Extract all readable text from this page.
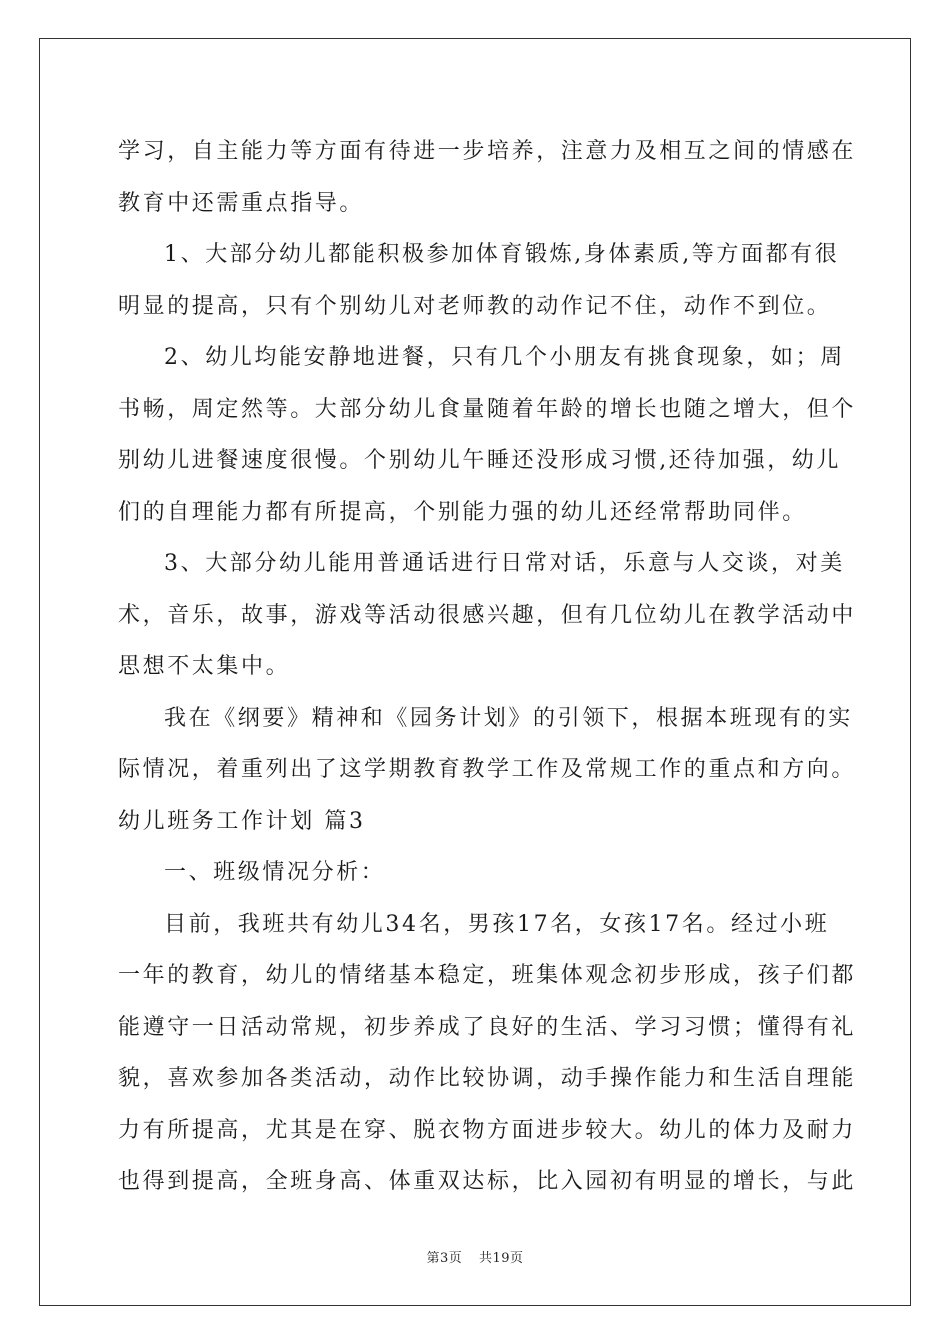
学习，自主能力等方面有待进一步培养，注意力及相互之间的情感在
教育中还需重点指导。
1、大部分幼儿都能积极参加体育锻炼,身体素质,等方面都有很
明显的提高，只有个别幼儿对老师教的动作记不住，动作不到位。
2、幼儿均能安静地进餐，只有几个小朋友有挑食现象，如；周
书畅，周定然等。大部分幼儿食量随着年龄的增长也随之增大，但个
别幼儿进餐速度很慢。个别幼儿午睡还没形成习惯,还待加强，幼儿
们的自理能力都有所提高，个别能力强的幼儿还经常帮助同伴。
3、大部分幼儿能用普通话进行日常对话，乐意与人交谈，对美
术，音乐，故事，游戏等活动很感兴趣，但有几位幼儿在教学活动中
思想不太集中。
我在《纲要》精神和《园务计划》的引领下，根据本班现有的实
际情况，着重列出了这学期教育教学工作及常规工作的重点和方向。
幼儿班务工作计划 篇3
一、班级情况分析：
目前，我班共有幼儿34名，男孩17名，女孩17名。经过小班
一年的教育，幼儿的情绪基本稳定，班集体观念初步形成，孩子们都
能遵守一日活动常规，初步养成了良好的生活、学习习惯；懂得有礼
貌，喜欢参加各类活动，动作比较协调，动手操作能力和生活自理能
力有所提高，尤其是在穿、脱衣物方面进步较大。幼儿的体力及耐力
也得到提高，全班身高、体重双达标，比入园初有明显的增长，与此
第3页 共19页
